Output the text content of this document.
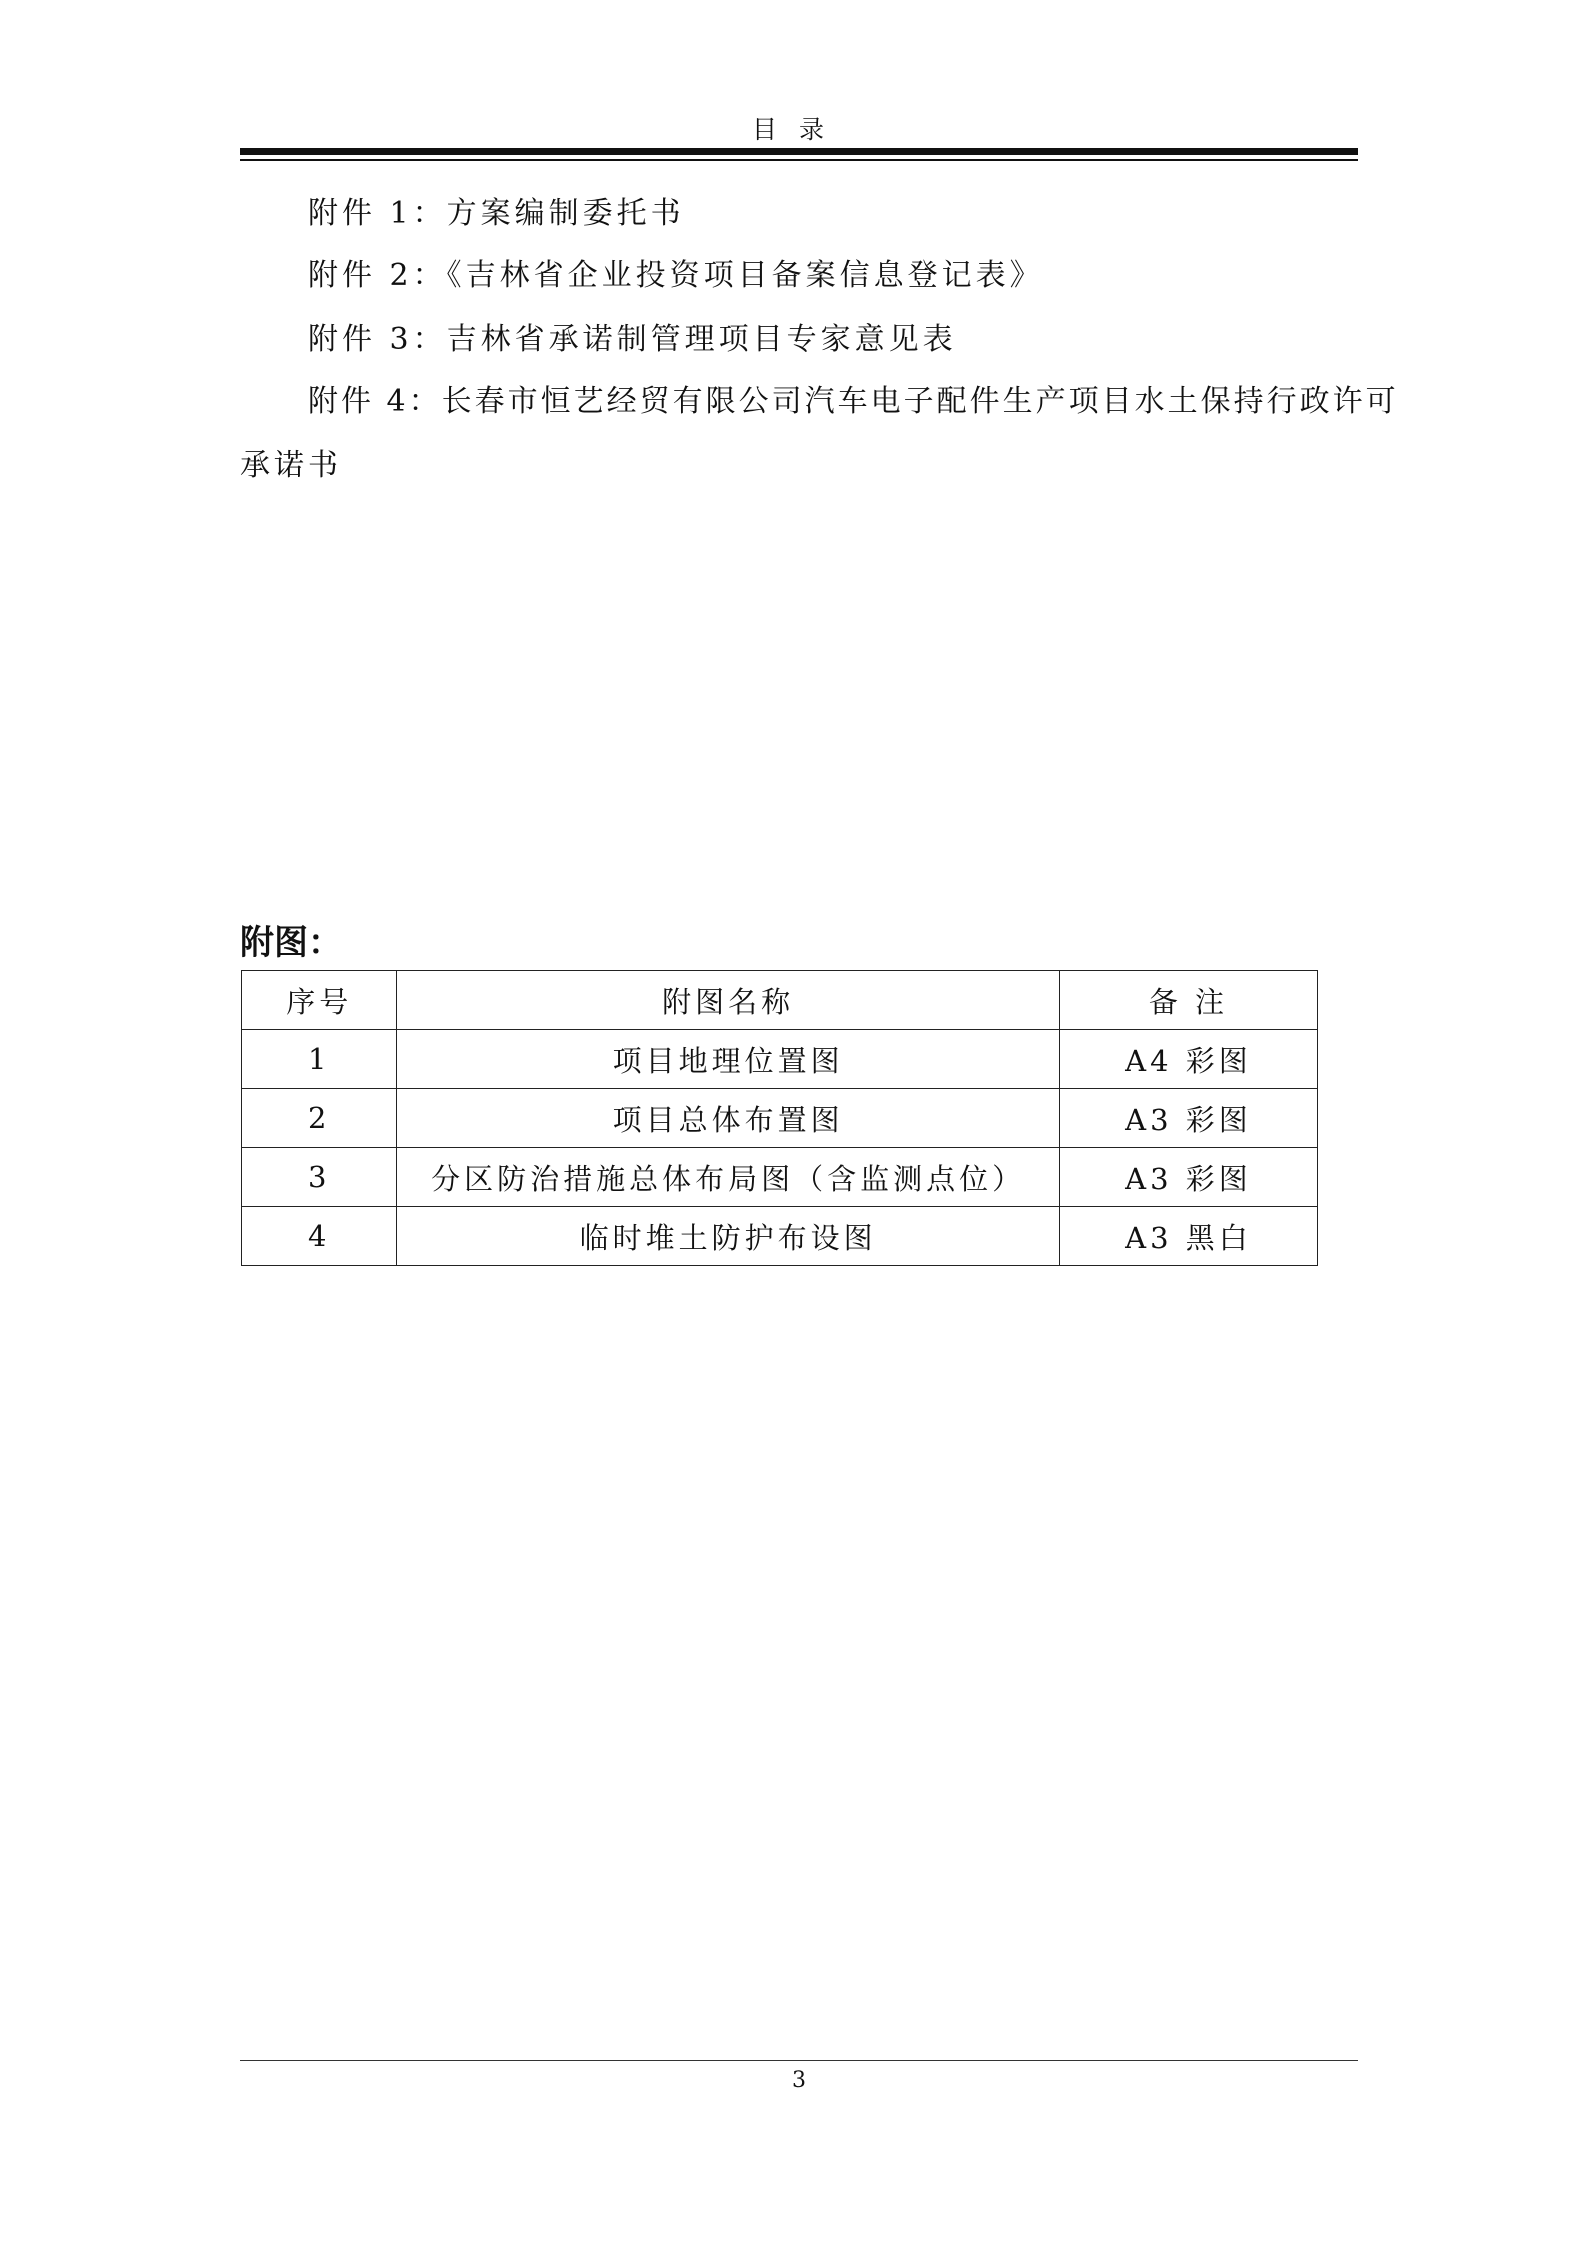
目录
附件 1：方案编制委托书
附件 2：《吉林省企业投资项目备案信息登记表》
附件 3：吉林省承诺制管理项目专家意见表
附件 4：长春市恒艺经贸有限公司汽车电子配件生产项目水土保持行政许可
承诺书
附图：
序号	附图名称	备 注
1	项目地理位置图	A4 彩图
2	项目总体布置图	A3 彩图
3	分区防治措施总体布局图（含监测点位）	A3 彩图
4	临时堆土防护布设图	A3 黑白
3
